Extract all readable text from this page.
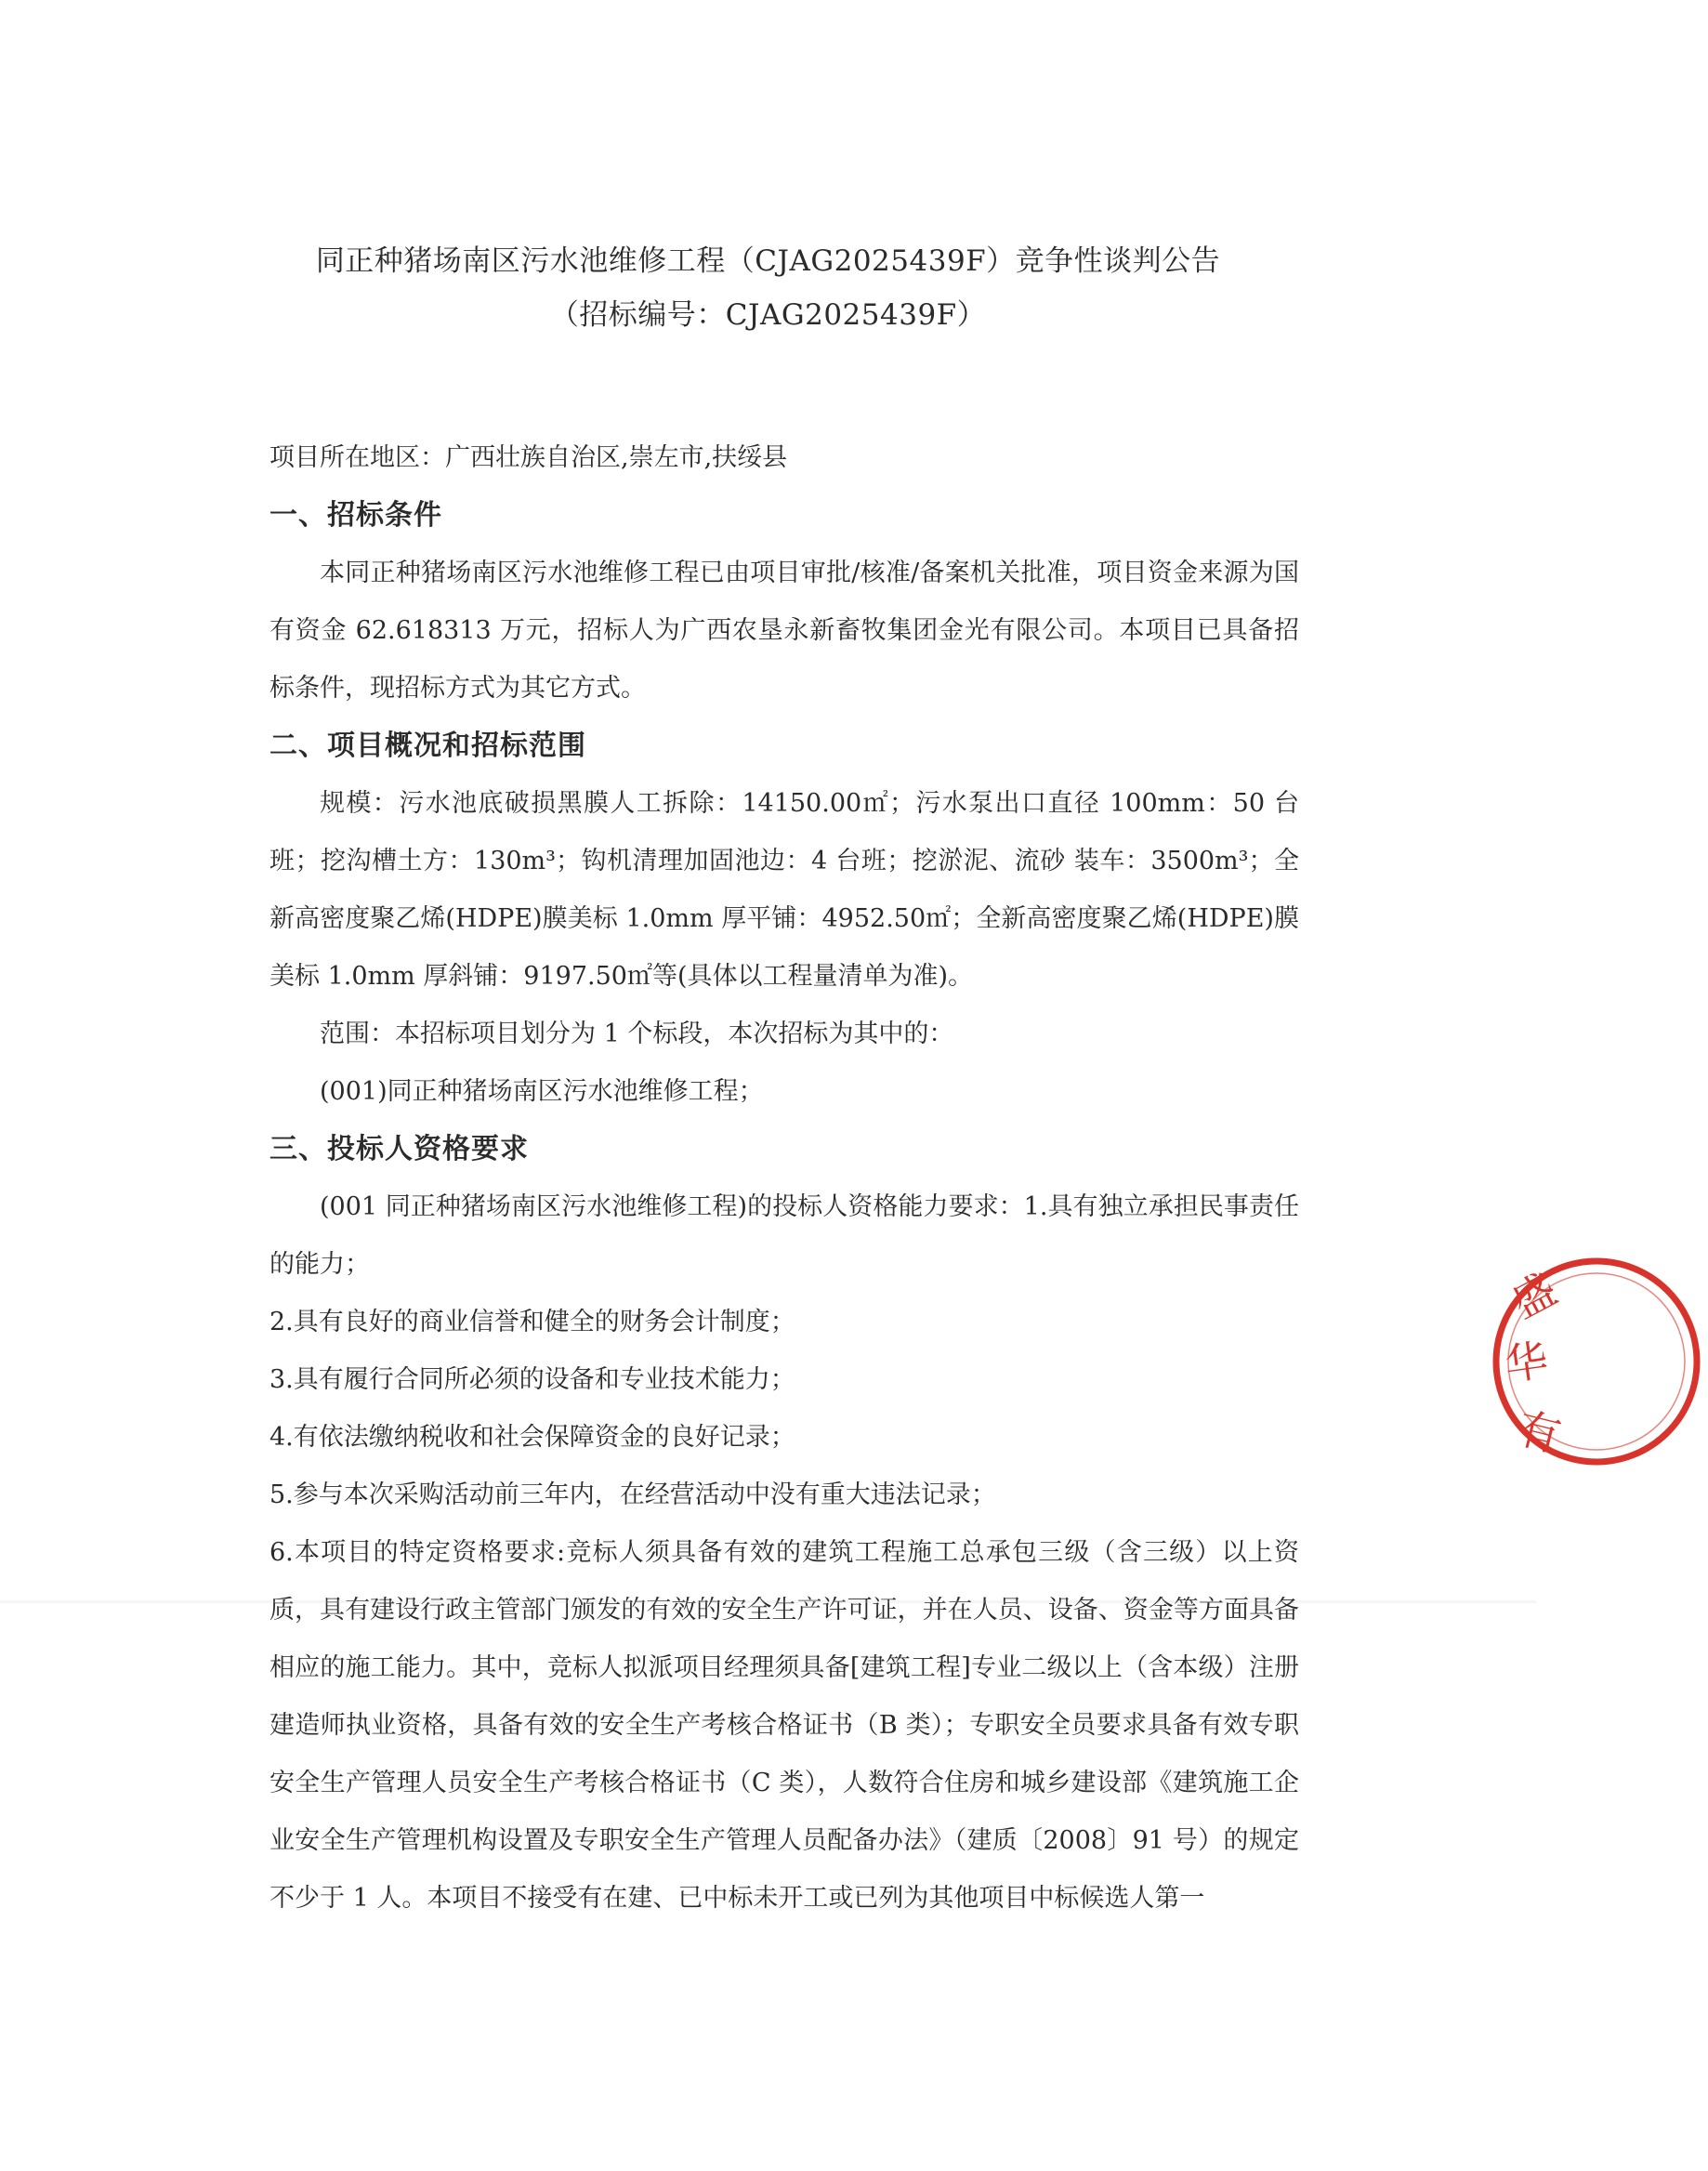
同正种猪场南区污水池维修工程（CJAG2025439F）竞争性谈判公告
（招标编号：CJAG2025439F）

项目所在地区：广西壮族自治区,崇左市,扶绥县

一、招标条件

本同正种猪场南区污水池维修工程已由项目审批/核准/备案机关批准，项目资金来源为国有资金 62.618313 万元，招标人为广西农垦永新畜牧集团金光有限公司。本项目已具备招标条件，现招标方式为其它方式。

二、项目概况和招标范围

规模：污水池底破损黑膜人工拆除：14150.00㎡；污水泵出口直径 100mm：50 台班；挖沟槽土方：130m³；钩机清理加固池边：4 台班；挖淤泥、流砂 装车：3500m³；全新高密度聚乙烯(HDPE)膜美标 1.0mm 厚平铺：4952.50㎡；全新高密度聚乙烯(HDPE)膜美标 1.0mm 厚斜铺：9197.50㎡等(具体以工程量清单为准)。

范围：本招标项目划分为 1 个标段，本次招标为其中的：

(001)同正种猪场南区污水池维修工程；

三、投标人资格要求

(001 同正种猪场南区污水池维修工程)的投标人资格能力要求：1.具有独立承担民事责任的能力；

2.具有良好的商业信誉和健全的财务会计制度；

3.具有履行合同所必须的设备和专业技术能力；

4.有依法缴纳税收和社会保障资金的良好记录；

5.参与本次采购活动前三年内，在经营活动中没有重大违法记录；

6.本项目的特定资格要求:竞标人须具备有效的建筑工程施工总承包三级（含三级）以上资质，具有建设行政主管部门颁发的有效的安全生产许可证，并在人员、设备、资金等方面具备相应的施工能力。其中，竞标人拟派项目经理须具备[建筑工程]专业二级以上（含本级）注册建造师执业资格，具备有效的安全生产考核合格证书（B 类）；专职安全员要求具备有效专职安全生产管理人员安全生产考核合格证书（C 类），人数符合住房和城乡建设部《建筑施工企业安全生产管理机构设置及专职安全生产管理人员配备办法》（建质〔2008〕91 号）的规定不少于 1 人。本项目不接受有在建、已中标未开工或已列为其他项目中标候选人第一

盛
华
有
